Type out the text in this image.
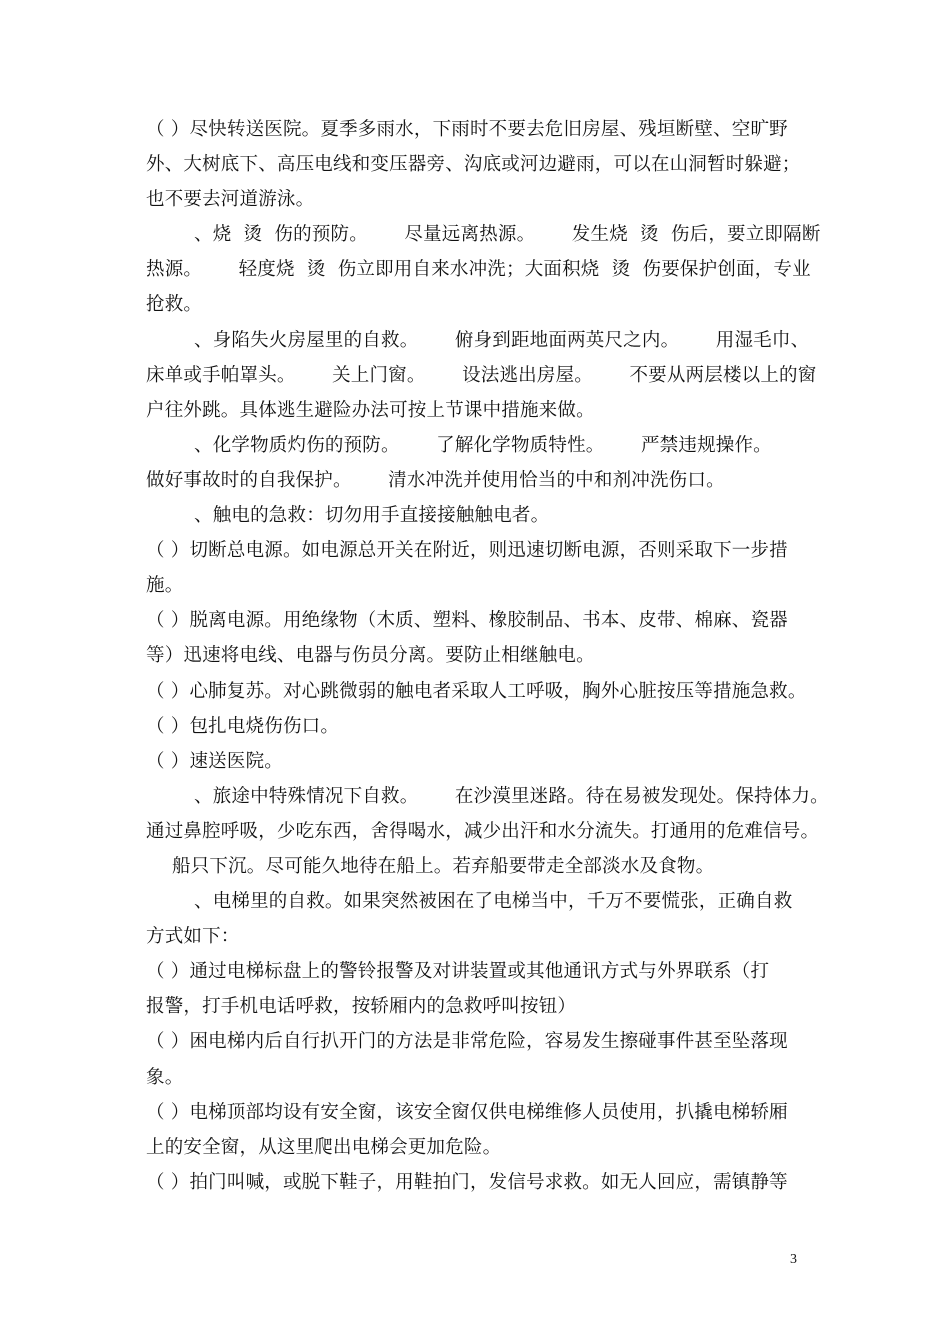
（ ）尽快转送医院。夏季多雨水，下雨时不要去危旧房屋、残垣断壁、空旷野
外、大树底下、高压电线和变压器旁、沟底或河边避雨，可以在山洞暂时躲避；
也不要去河道游泳。
、烧  烫  伤的预防。      尽量远离热源。      发生烧  烫  伤后，要立即隔断
热源。      轻度烧  烫  伤立即用自来水冲洗；大面积烧  烫  伤要保护创面，专业
抢救。
、身陷失火房屋里的自救。      俯身到距地面两英尺之内。      用湿毛巾、
床单或手帕罩头。      关上门窗。      设法逃出房屋。      不要从两层楼以上的窗
户往外跳。具体逃生避险办法可按上节课中措施来做。
、化学物质灼伤的预防。      了解化学物质特性。      严禁违规操作。
做好事故时的自我保护。      清水冲洗并使用恰当的中和剂冲洗伤口。
、触电的急救：切勿用手直接接触触电者。
（ ）切断总电源。如电源总开关在附近，则迅速切断电源，否则采取下一步措
施。
（ ）脱离电源。用绝缘物（木质、塑料、橡胶制品、书本、皮带、棉麻、瓷器
等）迅速将电线、电器与伤员分离。要防止相继触电。
（ ）心肺复苏。对心跳微弱的触电者采取人工呼吸，胸外心脏按压等措施急救。
（ ）包扎电烧伤伤口。
（ ）速送医院。
、旅途中特殊情况下自救。      在沙漠里迷路。待在易被发现处。保持体力。
通过鼻腔呼吸，少吃东西，舍得喝水，减少出汗和水分流失。打通用的危难信号。
船只下沉。尽可能久地待在船上。若弃船要带走全部淡水及食物。
、电梯里的自救。如果突然被困在了电梯当中，千万不要慌张，正确自救
方式如下：
（ ）通过电梯标盘上的警铃报警及对讲装置或其他通讯方式与外界联系（打
报警，打手机电话呼救，按轿厢内的急救呼叫按钮）
（ ）困电梯内后自行扒开门的方法是非常危险，容易发生擦碰事件甚至坠落现
象。
（ ）电梯顶部均设有安全窗，该安全窗仅供电梯维修人员使用，扒撬电梯轿厢
上的安全窗，从这里爬出电梯会更加危险。
（ ）拍门叫喊，或脱下鞋子，用鞋拍门，发信号求救。如无人回应，需镇静等
3
